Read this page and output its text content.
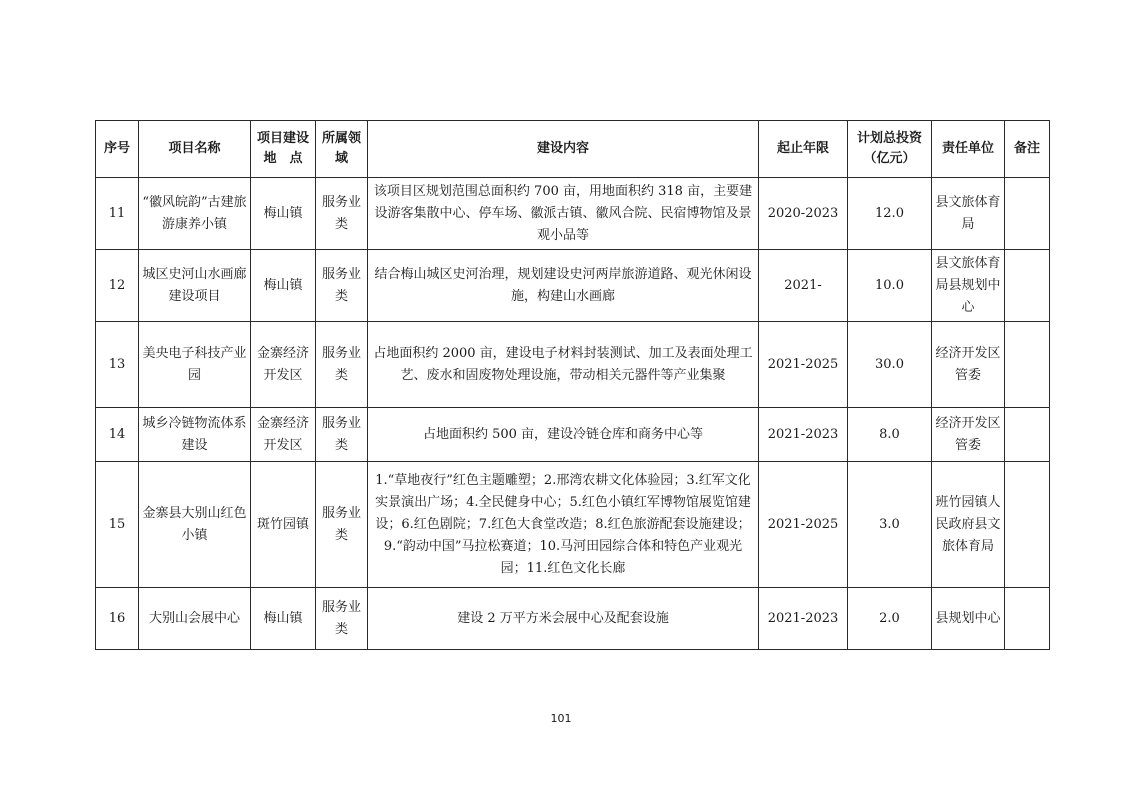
序号	项目名称	项目建设地　点	所属领域	建设内容	起止年限	计划总投资（亿元）	责任单位	备注
11	“徽风皖韵”古建旅游康养小镇	梅山镇	服务业类	该项目区规划范围总面积约 700 亩，用地面积约 318 亩，主要建设游客集散中心、停车场、徽派古镇、徽风合院、民宿博物馆及景观小品等	2020-2023	12.0	县文旅体育局	
12	城区史河山水画廊建设项目	梅山镇	服务业类	结合梅山城区史河治理，规划建设史河两岸旅游道路、观光休闲设施，构建山水画廊	2021-	10.0	县文旅体育局县规划中心	
13	美央电子科技产业园	金寨经济开发区	服务业类	占地面积约 2000 亩，建设电子材料封装测试、加工及表面处理工艺、废水和固废物处理设施，带动相关元器件等产业集聚	2021-2025	30.0	经济开发区管委	
14	城乡冷链物流体系建设	金寨经济开发区	服务业类	占地面积约 500 亩，建设冷链仓库和商务中心等	2021-2023	8.0	经济开发区管委	
15	金寨县大别山红色小镇	斑竹园镇	服务业类	1.“草地夜行”红色主题雕塑；2.邢湾农耕文化体验园；3.红军文化实景演出广场；4.全民健身中心；5.红色小镇红军博物馆展览馆建设；6.红色剧院；7.红色大食堂改造；8.红色旅游配套设施建设；9.“韵动中国”马拉松赛道；10.马河田园综合体和特色产业观光园；11.红色文化长廊	2021-2025	3.0	班竹园镇人民政府县文旅体育局	
16	大别山会展中心	梅山镇	服务业类	建设 2 万平方米会展中心及配套设施	2021-2023	2.0	县规划中心	
101
